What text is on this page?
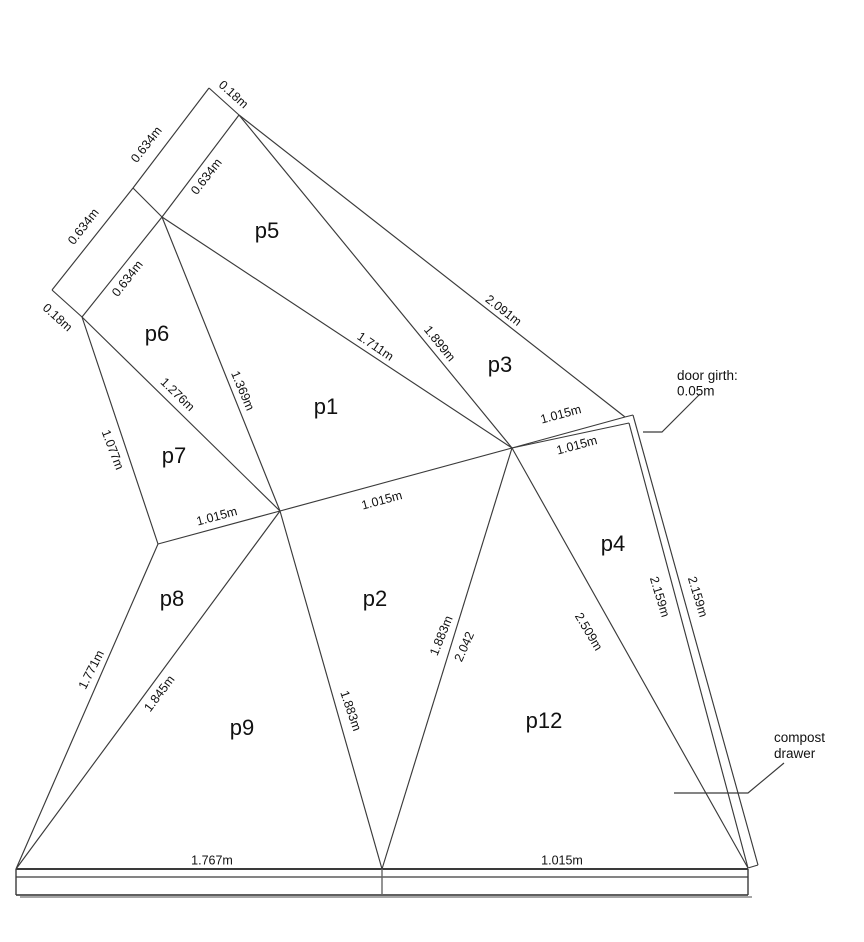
0.18m
0.634m
0.634m
0.634m
0.634m
0.18m
1.711m 1.899m
2.091m
1.369m
1.276m
1.077m
1.015m
1.015m
1.015m
1.015m
1.771m
1.845m	1.883m
1.883m
2.042	2.509m
2.159m 2.159m
1.767m	1.015m
p5
p6
p7
p1
p3
p2
p8
p9	p12
p4
door girth:
0.05m
compost
drawer
